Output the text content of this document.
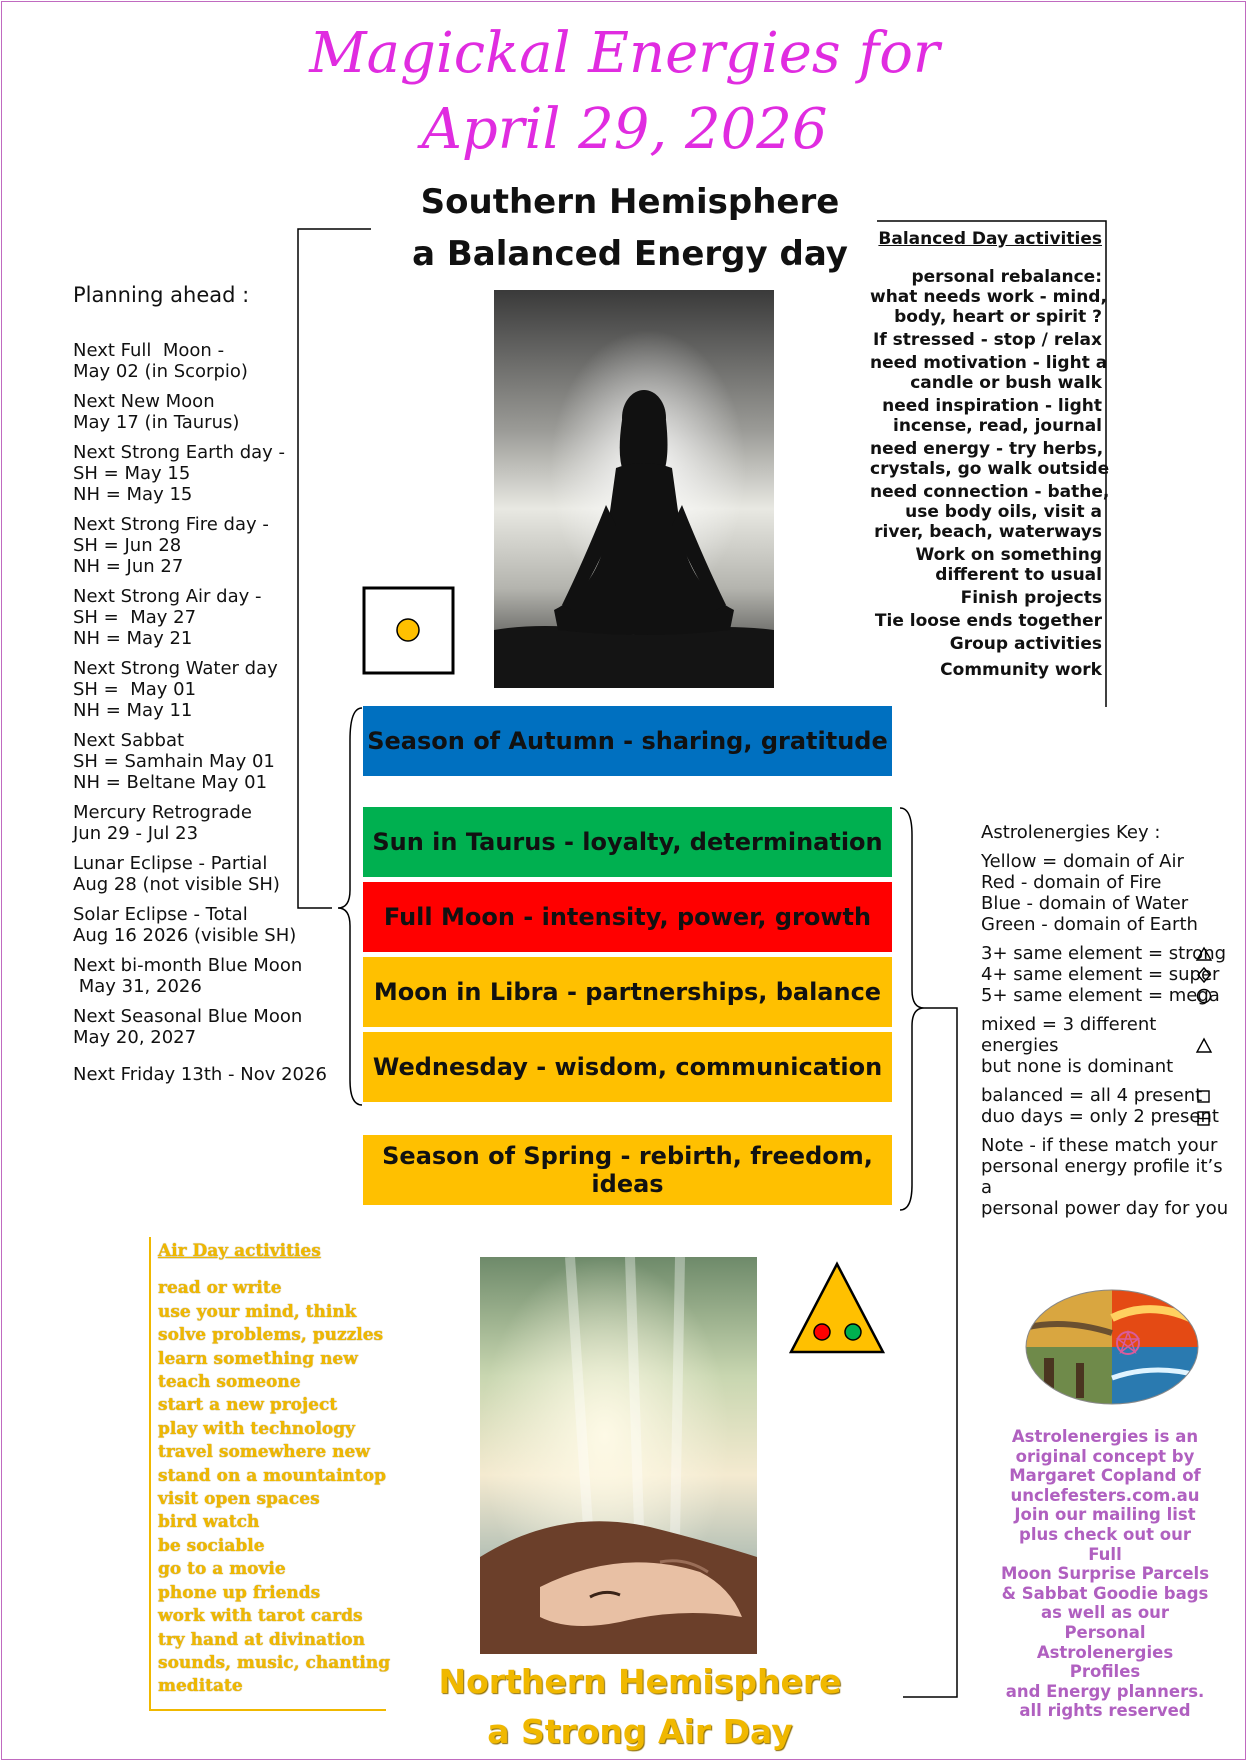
Magickal Energies for
April 29, 2026
Southern Hemisphere
a Balanced Energy day
Planning ahead :
Next Full  Moon -
May 02 (in Scorpio)
Next New Moon
May 17 (in Taurus)
Next Strong Earth day -
SH = May 15
NH = May 15
Next Strong Fire day -
SH = Jun 28
NH = Jun 27
Next Strong Air day -
SH =  May 27
NH = May 21
Next Strong Water day
SH =  May 01
NH = May 11
Next Sabbat
SH = Samhain May 01
NH = Beltane May 01
Mercury Retrograde
Jun 29 - Jul 23
Lunar Eclipse - Partial
Aug 28 (not visible SH)
Solar Eclipse - Total
Aug 16 2026 (visible SH)
Next bi-month Blue Moon
May 31, 2026
Next Seasonal Blue Moon
May 20, 2027
Next Friday 13th - Nov 2026
Balanced Day activities
personal rebalance:
what needs work - mind,
body, heart or spirit ?
If stressed - stop / relax
need motivation - light a
candle or bush walk
need inspiration - light
incense, read, journal
need energy - try herbs,
crystals, go walk outside
need connection - bathe,
use body oils, visit a
river, beach, waterways
Work on something
different to usual
Finish projects
Tie loose ends together
Group activities
Community work
Season of Autumn - sharing, gratitude
Sun in Taurus - loyalty, determination
Full Moon - intensity, power, growth
Moon in Libra - partnerships, balance
Wednesday - wisdom, communication
Season of Spring - rebirth, freedom, ideas

Astrolenergies Key :

Yellow = domain of Air
Red - domain of Fire
Blue - domain of Water
Green - domain of Earth
3+ same element = strong
4+ same element = super
5+ same element = mega
mixed = 3 different energies
but none is dominant
balanced = all 4 present
duo days = only 2 present
Note - if these match your
personal energy profile it’s a
personal power day for you
Air Day activities
read or write
use your mind, think
solve problems, puzzles
learn something new
teach someone
start a new project
play with technology
travel somewhere new
stand on a mountaintop
visit open spaces
bird watch
be sociable
go to a movie
phone up friends
work with tarot cards
try hand at divination
sounds, music, chanting
meditate	Northern Hemisphere
a Strong Air Day
Astrolenergies is an
original concept by
Margaret Copland of
unclefesters.com.au
Join our mailing list
plus check out our Full
Moon Surprise Parcels
& Sabbat Goodie bags
as well as our Personal
Astrolenergies Profiles
and Energy planners.
all rights reserved
